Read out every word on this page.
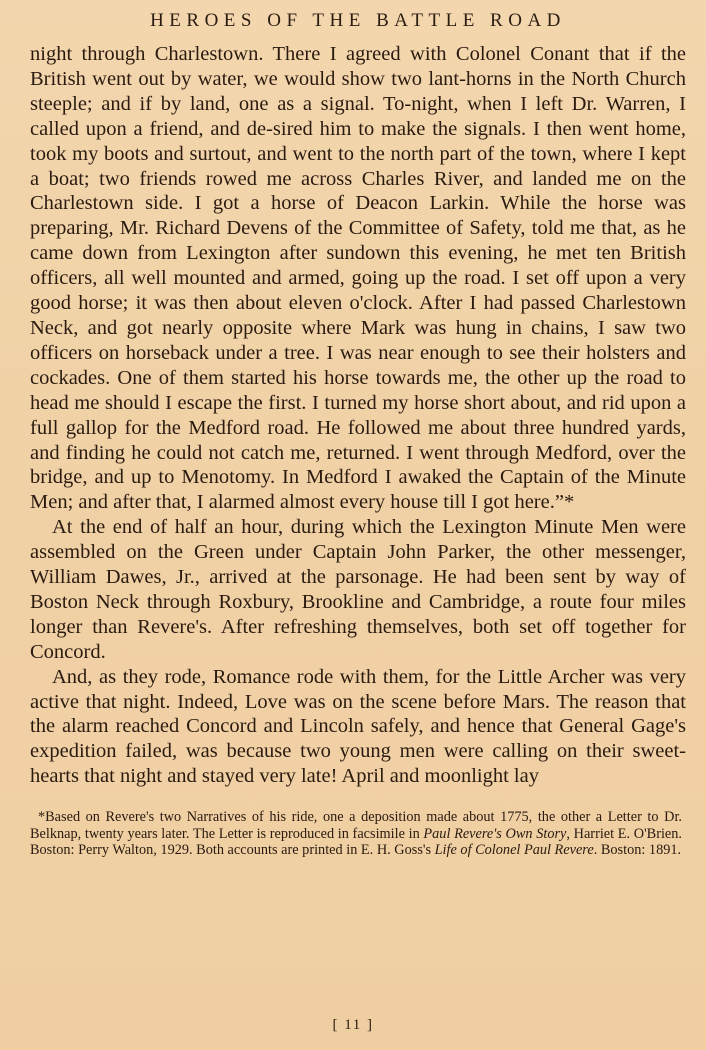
HEROES OF THE BATTLE ROAD

night through Charlestown. There I agreed with Colonel Conant that if the British went out by water, we would show two lant-horns in the North Church steeple; and if by land, one as a signal. To-night, when I left Dr. Warren, I called upon a friend, and de-sired him to make the signals. I then went home, took my boots and surtout, and went to the north part of the town, where I kept a boat; two friends rowed me across Charles River, and landed me on the Charlestown side. I got a horse of Deacon Larkin. While the horse was preparing, Mr. Richard Devens of the Committee of Safety, told me that, as he came down from Lexington after sundown this evening, he met ten British officers, all well mounted and armed, going up the road. I set off upon a very good horse; it was then about eleven o'clock. After I had passed Charlestown Neck, and got nearly opposite where Mark was hung in chains, I saw two officers on horseback under a tree. I was near enough to see their holsters and cockades. One of them started his horse towards me, the other up the road to head me should I escape the first. I turned my horse short about, and rid upon a full gallop for the Medford road. He followed me about three hundred yards, and finding he could not catch me, returned. I went through Medford, over the bridge, and up to Menotomy. In Medford I awaked the Captain of the Minute Men; and after that, I alarmed almost every house till I got here.”*

At the end of half an hour, during which the Lexington Minute Men were assembled on the Green under Captain John Parker, the other messenger, William Dawes, Jr., arrived at the parsonage. He had been sent by way of Boston Neck through Roxbury, Brookline and Cambridge, a route four miles longer than Revere's. After refreshing themselves, both set off together for Concord.

And, as they rode, Romance rode with them, for the Little Archer was very active that night. Indeed, Love was on the scene before Mars. The reason that the alarm reached Concord and Lincoln safely, and hence that General Gage's expedition failed, was because two young men were calling on their sweet-hearts that night and stayed very late! April and moonlight lay

*Based on Revere's two Narratives of his ride, one a deposition made about 1775, the other a Letter to Dr. Belknap, twenty years later. The Letter is reproduced in facsimile in Paul Revere's Own Story, Harriet E. O'Brien. Boston: Perry Walton, 1929. Both accounts are printed in E. H. Goss's Life of Colonel Paul Revere. Boston: 1891.
[ 11 ]
